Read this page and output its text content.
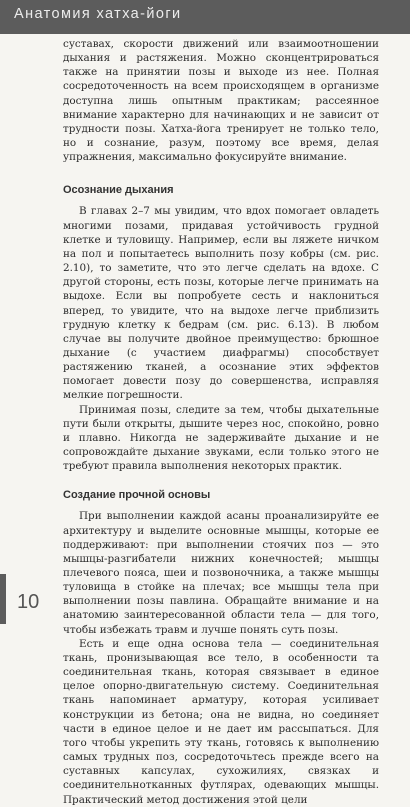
Анатомия хатха-йоги

суставах, скорости движений или взаимоотношении дыхания и растяжения. Можно сконцентрироваться также на принятии позы и выходе из нее. Полная сосредоточенность на всем происходящем в организме доступна лишь опытным практикам; рассеянное внимание характерно для начинающих и не зависит от трудности позы. Хатха-йога тренирует не только тело, но и сознание, разум, поэтому все время, делая упражнения, максимально фокусируйте внимание.

Осознание дыхания

В главах 2–7 мы увидим, что вдох помогает овладеть многими позами, придавая устойчивость грудной клетке и туловищу. Например, если вы ляжете ничком на пол и попытаетесь выполнить позу кобры (см. рис. 2.10), то заметите, что это легче сделать на вдохе. С другой стороны, есть позы, которые легче принимать на выдохе. Если вы попробуете сесть и наклониться вперед, то увидите, что на выдохе легче приблизить грудную клетку к бедрам (см. рис. 6.13). В любом случае вы получите двойное преимущество: брюшное дыхание (с участием диафрагмы) способствует растяжению тканей, а осознание этих эффектов помогает довести позу до совершенства, исправляя мелкие погрешности.

Принимая позы, следите за тем, чтобы дыхательные пути были открыты, дышите через нос, спокойно, ровно и плавно. Никогда не задерживайте дыхание и не сопровождайте дыхание звуками, если только этого не требуют правила выполнения некоторых практик.

Создание прочной основы

При выполнении каждой асаны проанализируйте ее архитектуру и выделите основные мышцы, которые ее поддерживают: при выполнении стоячих поз — это мышцы-разгибатели нижних конечностей; мышцы плечевого пояса, шеи и позвоночника, а также мышцы туловища в стойке на плечах; все мышцы тела при выполнении позы павлина. Обращайте внимание и на анатомию заинтересованной области тела — для того, чтобы избежать травм и лучше понять суть позы.

Есть и еще одна основа тела — соединительная ткань, пронизывающая все тело, в особенности та соединительная ткань, которая связывает в единое целое опорно-двигательную систему. Соединительная ткань напоминает арматуру, которая усиливает конструкции из бетона; она не видна, но соединяет части в единое целое и не дает им рассыпаться. Для того чтобы укрепить эту ткань, готовясь к выполнению самых трудных поз, сосредоточьтесь прежде всего на суставных капсулах, сухожилиях, связках и соединительнотканных футлярах, одевающих мышцы. Практический метод достижения этой цели

10
